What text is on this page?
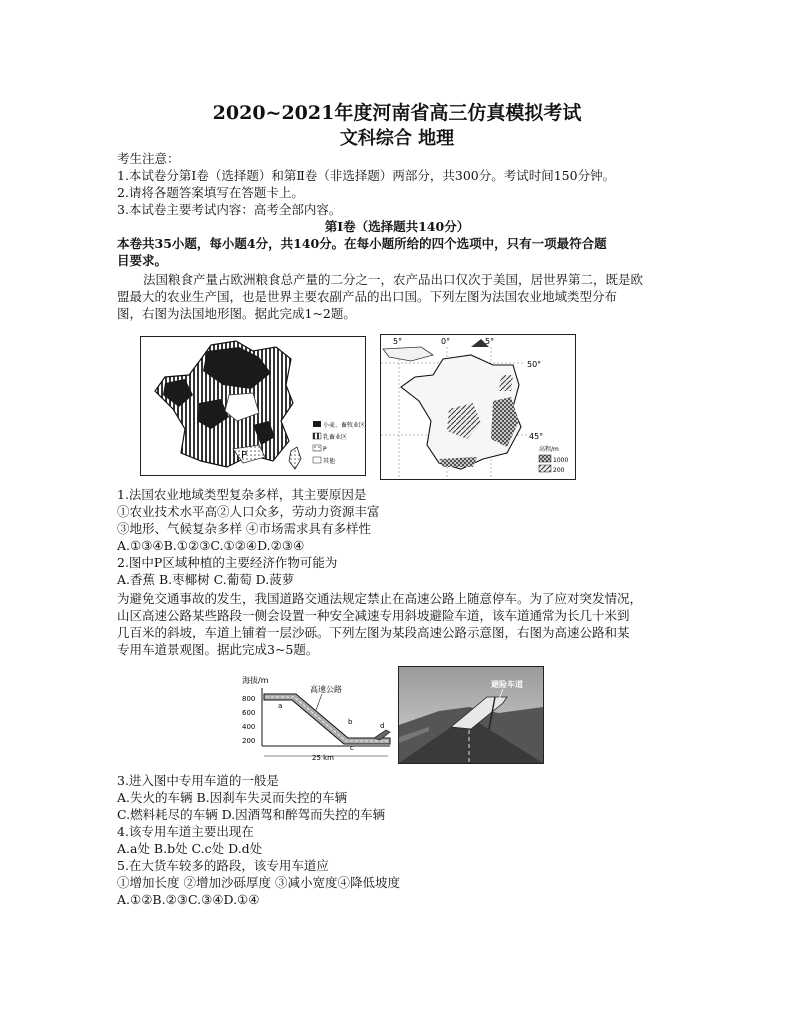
2020~2021年度河南省高三仿真模拟考试
文科综合 地理
考生注意：
1.本试卷分第Ⅰ卷（选择题）和第Ⅱ卷（非选择题）两部分，共300分。考试时间150分钟。
2.请将各题答案填写在答题卡上。
3.本试卷主要考试内容：高考全部内容。
第Ⅰ卷（选择题共140分）
本卷共35小题，每小题4分，共140分。在每小题所给的四个选项中，只有一项最符合题
目要求。
法国粮食产量占欧洲粮食总产量的二分之一，农产品出口仅次于美国，居世界第二，既是欧
盟最大的农业生产国，也是世界主要农副产品的出口国。下列左图为法国农业地域类型分布
图，右图为法国地形图。据此完成1~2题。
P
小麦、畜牧业区
乳畜业区
P
其他
5°	0°	5°
50°
45°
高程/m
1000
200
1.法国农业地域类型复杂多样，其主要原因是
①农业技术水平高②人口众多，劳动力资源丰富
③地形、气候复杂多样 ④市场需求具有多样性
A.①③④B.①②③C.①②④D.②③④
2.图中P区域种植的主要经济作物可能为
A.香蕉 B.枣椰树 C.葡萄 D.菠萝
为避免交通事故的发生，我国道路交通法规定禁止在高速公路上随意停车。为了应对突发情况，
山区高速公路某些路段一侧会设置一种安全减速专用斜坡避险车道，该车道通常为长几十米到
几百米的斜坡，车道上铺着一层沙砾。下列左图为某段高速公路示意图，右图为高速公路和某
专用车道景观图。据此完成3~5题。
海拔/m
800
600
400
200
高速公路
a
b
c
d
25 km
避险车道
3.进入图中专用车道的一般是
A.失火的车辆 B.因刹车失灵而失控的车辆
C.燃料耗尽的车辆 D.因酒驾和醉驾而失控的车辆
4.该专用车道主要出现在
A.a处 B.b处 C.c处 D.d处
5.在大货车较多的路段，该专用车道应
①增加长度 ②增加沙砾厚度 ③减小宽度④降低坡度
A.①②B.②③C.③④D.①④
